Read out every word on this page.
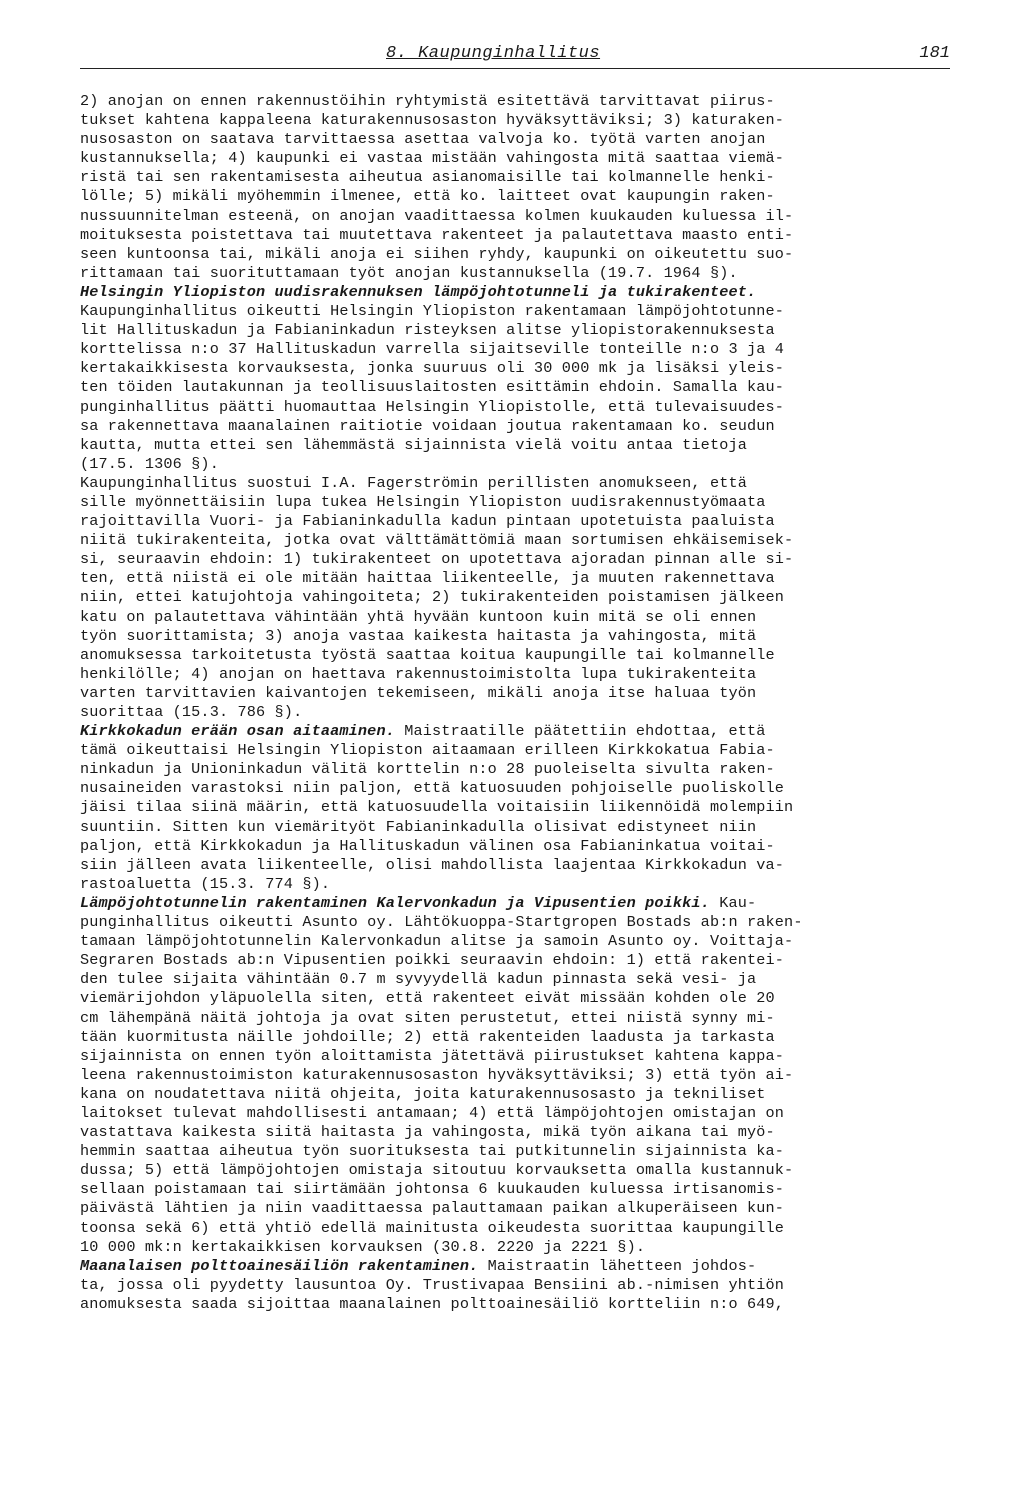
8. Kaupunginhallitus	181
2) anojan on ennen rakennustöihin ryhtymistä esitettävä tarvittavat piirus-
tukset kahtena kappaleena katurakennusosaston hyväksyttäviksi; 3) katuraken-
nusosaston on saatava tarvittaessa asettaa valvoja ko. työtä varten anojan
kustannuksella; 4) kaupunki ei vastaa mistään vahingosta mitä saattaa viemä-
ristä tai sen rakentamisesta aiheutua asianomaisille tai kolmannelle henki-
lölle; 5) mikäli myöhemmin ilmenee, että ko. laitteet ovat kaupungin raken-
nussuunnitelman esteenä, on anojan vaadittaessa kolmen kuukauden kuluessa il-
moituksesta poistettava tai muutettava rakenteet ja palautettava maasto enti-
seen kuntoonsa tai, mikäli anoja ei siihen ryhdy, kaupunki on oikeutettu suo-
rittamaan tai suorituttamaan työt anojan kustannuksella (19.7. 1964 §).
Helsingin Yliopiston uudisrakennuksen lämpöjohtotunneli ja tukirakenteet.
Kaupunginhallitus oikeutti Helsingin Yliopiston rakentamaan lämpöjohtotunne-
lit Hallituskadun ja Fabianinkadun risteyksen alitse yliopistorakennuksesta
korttelissa n:o 37 Hallituskadun varrella sijaitseville tonteille n:o 3 ja 4
kertakaikkisesta korvauksesta, jonka suuruus oli 30 000 mk ja lisäksi yleis-
ten töiden lautakunnan ja teollisuuslaitosten esittämin ehdoin. Samalla kau-
punginhallitus päätti huomauttaa Helsingin Yliopistolle, että tulevaisuudes-
sa rakennettava maanalainen raitiotie voidaan joutua rakentamaan ko. seudun
kautta, mutta ettei sen lähemmästä sijainnista vielä voitu antaa tietoja
(17.5. 1306 §).
Kaupunginhallitus suostui I.A. Fagerströmin perillisten anomukseen, että
sille myönnettäisiin lupa tukea Helsingin Yliopiston uudisrakennustyömaata
rajoittavilla Vuori- ja Fabianinkadulla kadun pintaan upotetuista paaluista
niitä tukirakenteita, jotka ovat välttämättömiä maan sortumisen ehkäisemisek-
si, seuraavin ehdoin: 1) tukirakenteet on upotettava ajoradan pinnan alle si-
ten, että niistä ei ole mitään haittaa liikenteelle, ja muuten rakennettava
niin, ettei katujohtoja vahingoiteta; 2) tukirakenteiden poistamisen jälkeen
katu on palautettava vähintään yhtä hyvään kuntoon kuin mitä se oli ennen
työn suorittamista; 3) anoja vastaa kaikesta haitasta ja vahingosta, mitä
anomuksessa tarkoitetusta työstä saattaa koitua kaupungille tai kolmannelle
henkilölle; 4) anojan on haettava rakennustoimistolta lupa tukirakenteita
varten tarvittavien kaivantojen tekemiseen, mikäli anoja itse haluaa työn
suorittaa (15.3. 786 §).
Kirkkokadun erään osan aitaaminen. Maistraatille päätettiin ehdottaa, että
tämä oikeuttaisi Helsingin Yliopiston aitaamaan erilleen Kirkkokatua Fabia-
ninkadun ja Unioninkadun välitä korttelin n:o 28 puoleiselta sivulta raken-
nusaineiden varastoksi niin paljon, että katuosuuden pohjoiselle puoliskolle
jäisi tilaa siinä määrin, että katuosuudella voitaisiin liikennöidä molempiin
suuntiin. Sitten kun viemärityöt Fabianinkadulla olisivat edistyneet niin
paljon, että Kirkkokadun ja Hallituskadun välinen osa Fabianinkatua voitai-
siin jälleen avata liikenteelle, olisi mahdollista laajentaa Kirkkokadun va-
rastoaluetta (15.3. 774 §).
Lämpöjohtotunnelin rakentaminen Kalervonkadun ja Vipusentien poikki. Kau-
punginhallitus oikeutti Asunto oy. Lähtökuoppa-Startgropen Bostads ab:n raken-
tamaan lämpöjohtotunnelin Kalervonkadun alitse ja samoin Asunto oy. Voittaja-
Segraren Bostads ab:n Vipusentien poikki seuraavin ehdoin: 1) että rakentei-
den tulee sijaita vähintään 0.7 m syvyydellä kadun pinnasta sekä vesi- ja
viemärijohdon yläpuolella siten, että rakenteet eivät missään kohden ole 20
cm lähempänä näitä johtoja ja ovat siten perustetut, ettei niistä synny mi-
tään kuormitusta näille johdoille; 2) että rakenteiden laadusta ja tarkasta
sijainnista on ennen työn aloittamista jätettävä piirustukset kahtena kappa-
leena rakennustoimiston katurakennusosaston hyväksyttäviksi; 3) että työn ai-
kana on noudatettava niitä ohjeita, joita katurakennusosasto ja tekniliset
laitokset tulevat mahdollisesti antamaan; 4) että lämpöjohtojen omistajan on
vastattava kaikesta siitä haitasta ja vahingosta, mikä työn aikana tai myö-
hemmin saattaa aiheutua työn suorituksesta tai putkitunnelin sijainnista ka-
dussa; 5) että lämpöjohtojen omistaja sitoutuu korvauksetta omalla kustannuk-
sellaan poistamaan tai siirtämään johtonsa 6 kuukauden kuluessa irtisanomis-
päivästä lähtien ja niin vaadittaessa palauttamaan paikan alkuperäiseen kun-
toonsa sekä 6) että yhtiö edellä mainitusta oikeudesta suorittaa kaupungille
10 000 mk:n kertakaikkisen korvauksen (30.8. 2220 ja 2221 §).
Maanalaisen polttoainesäiliön rakentaminen. Maistraatin lähetteen johdos-
ta, jossa oli pyydetty lausuntoa Oy. Trustivapaa Bensiini ab.-nimisen yhtiön
anomuksesta saada sijoittaa maanalainen polttoainesäiliö kortteliin n:o 649,
